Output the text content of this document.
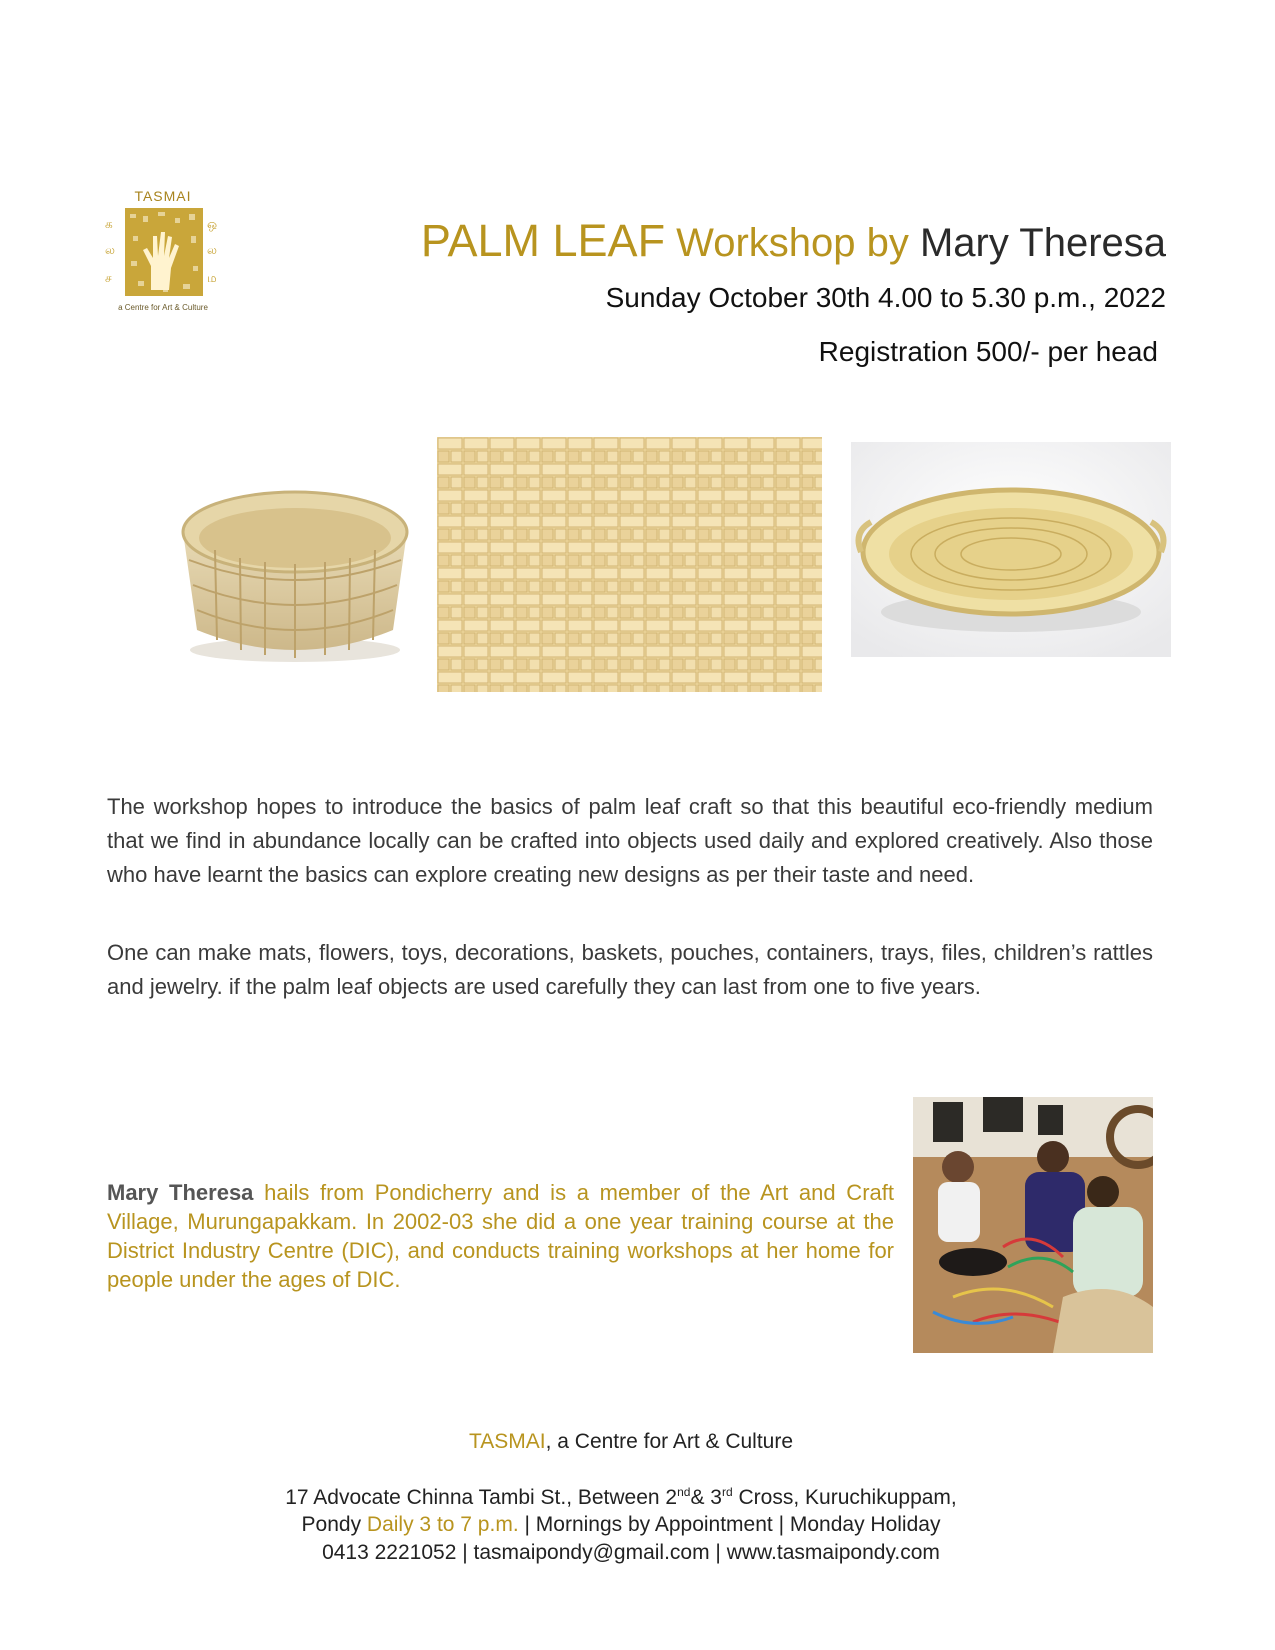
TASMAI
க
ல
ச
ஒ
ல
ம
a Centre for Art & Culture
PALM LEAF Workshop by Mary Theresa
Sunday October 30th 4.00 to 5.30 p.m., 2022
Registration 500/- per head

The workshop hopes to introduce the basics of palm leaf craft so that this beautiful eco-friendly medium that we find in abundance locally can be crafted into objects used daily and explored creatively. Also those who have learnt the basics can explore creating new designs as per their taste and need.

One can make mats, flowers, toys, decorations, baskets, pouches, containers, trays, files, children’s rattles and jewelry. if the palm leaf objects are used carefully they can last from one to five years.

Mary Theresa hails from Pondicherry and is a member of the Art and Craft Village, Murungapakkam. In 2002-03 she did a one year training course at the District Industry Centre (DIC), and conducts training workshops at her home for people under the ages of DIC.

TASMAI, a Centre for Art & Culture
17 Advocate Chinna Tambi St., Between 2nd& 3rd Cross, Kuruchikuppam,
Pondy Daily 3 to 7 p.m. | Mornings by Appointment | Monday Holiday
0413 2221052 | tasmaipondy@gmail.com | www.tasmaipondy.com
